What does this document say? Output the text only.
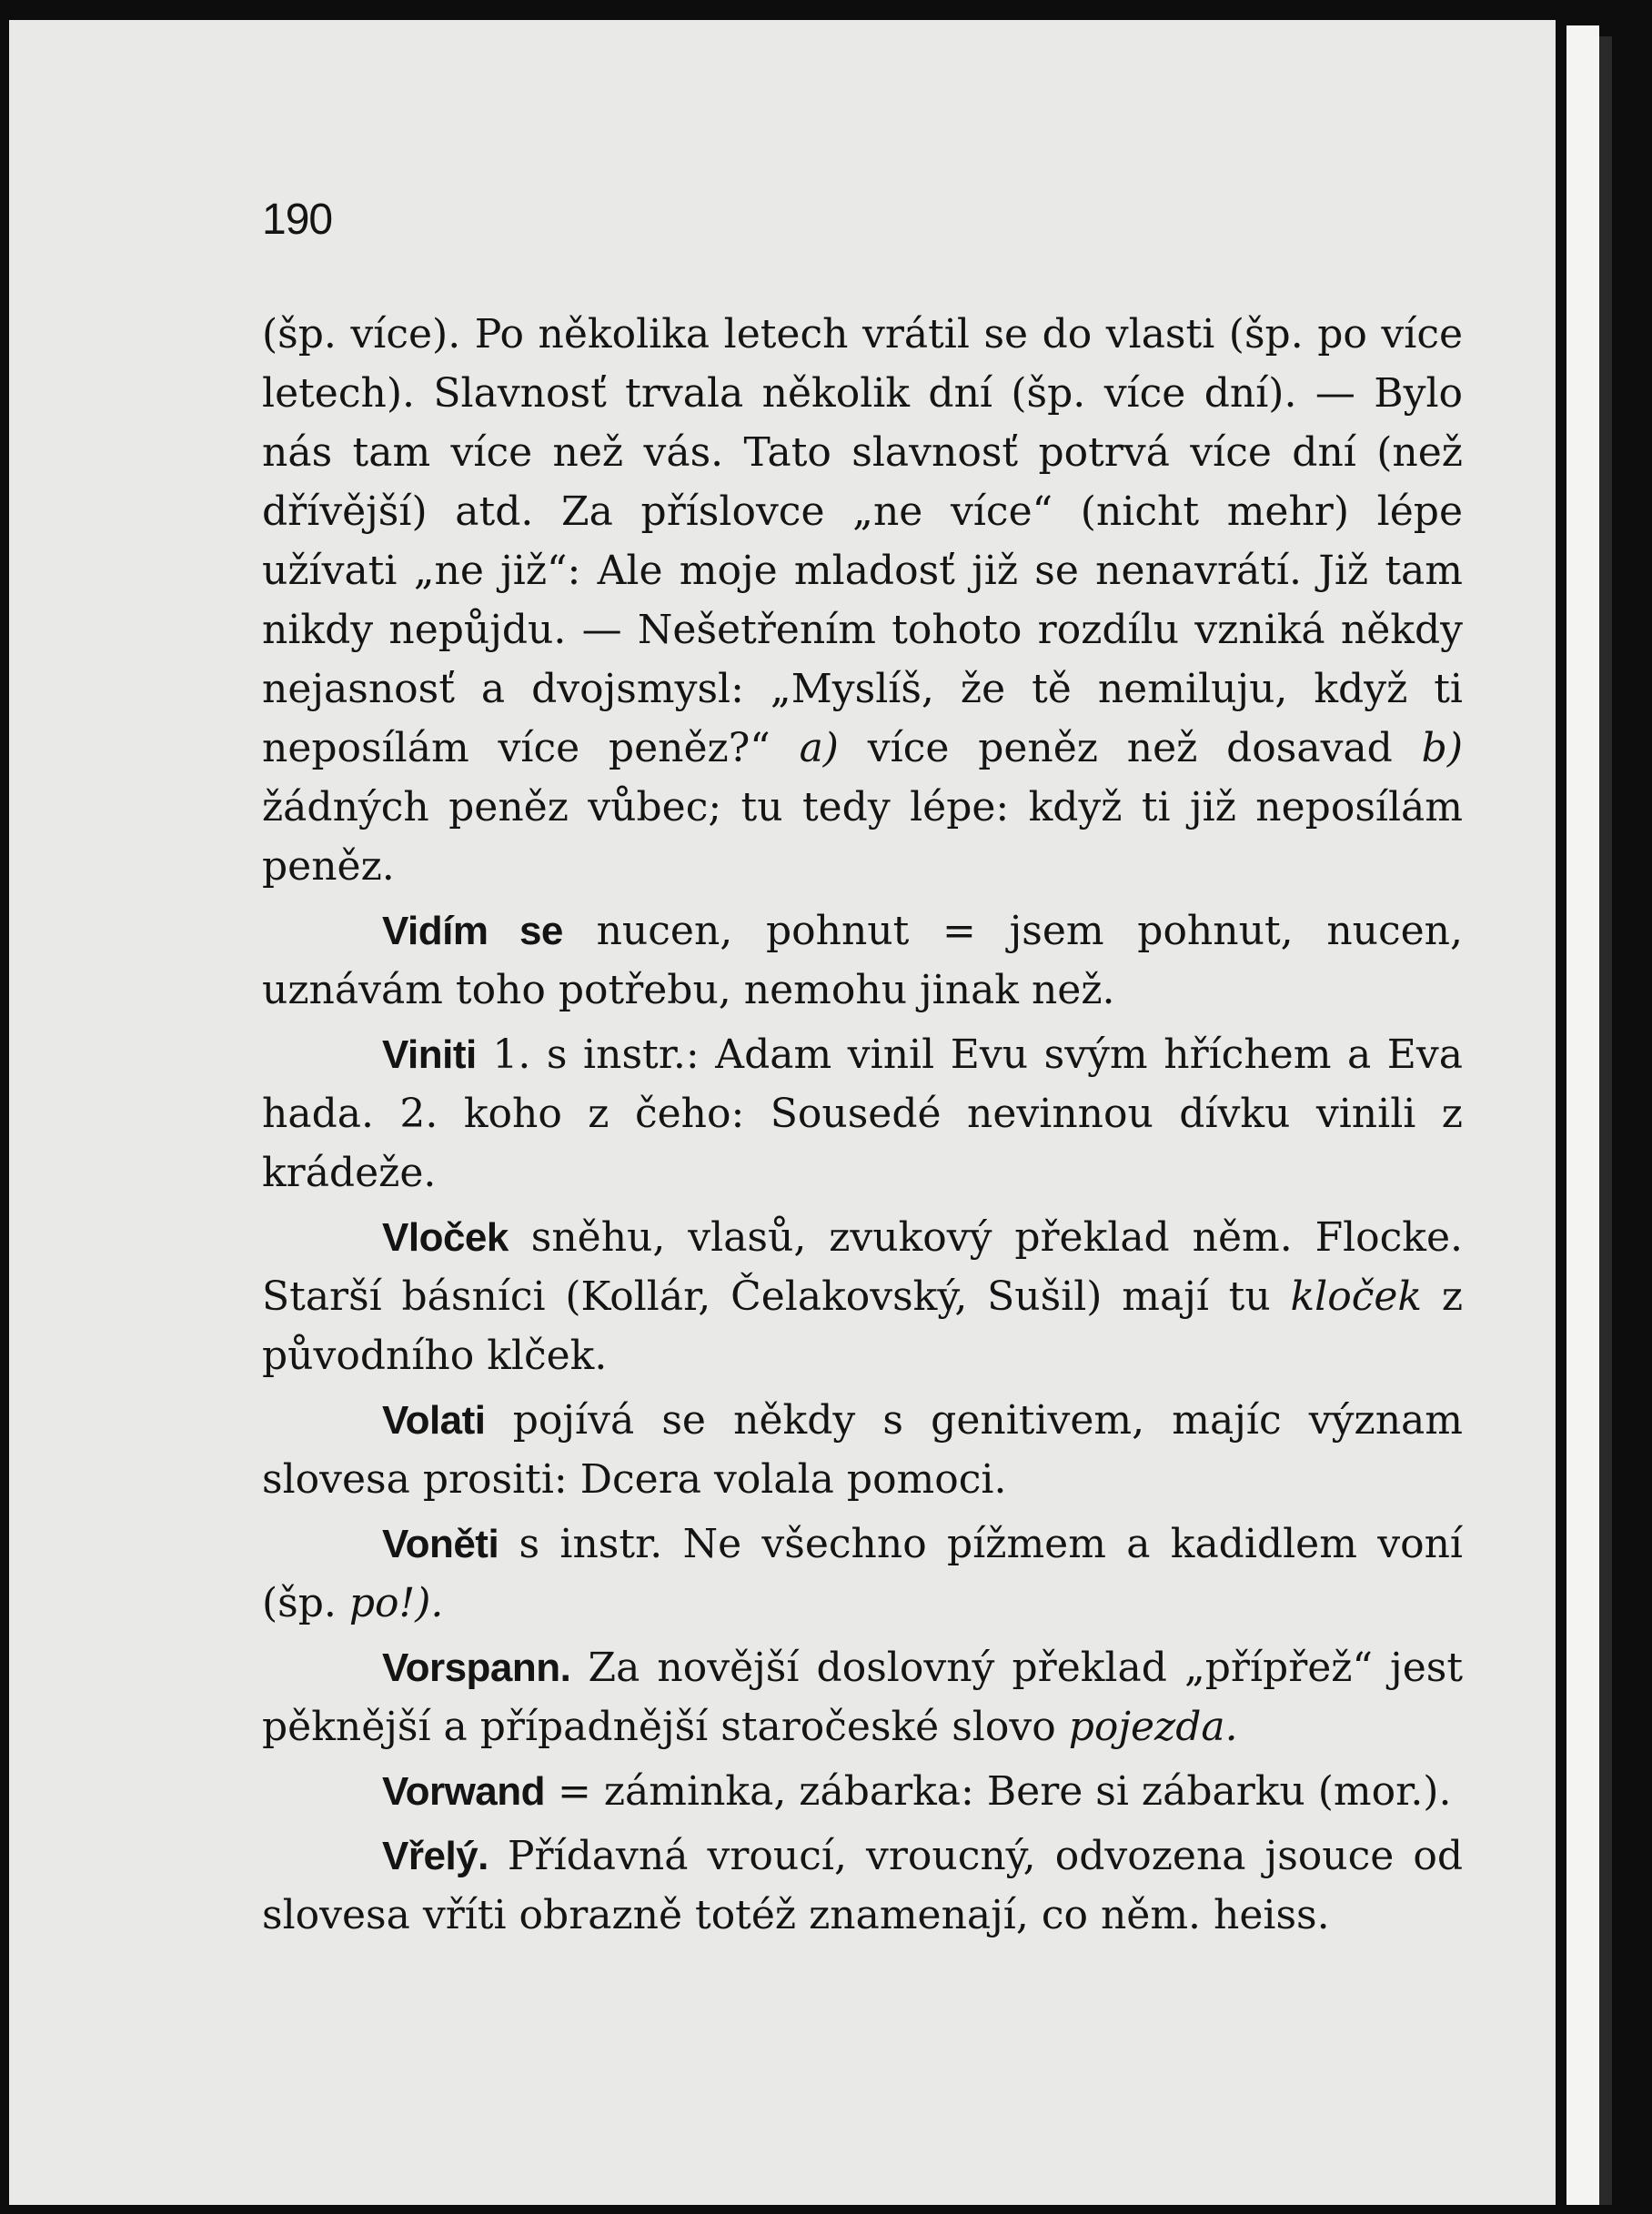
190

(šp. více). Po několika letech vrátil se do vlasti (šp. po více letech). Slavnosť trvala několik dní (šp. více dní). — Bylo nás tam více než vás. Tato slavnosť potrvá více dní (než dřívější) atd. Za příslovce „ne více“ (nicht mehr) lépe užívati „ne již“: Ale moje mladosť již se nenavrátí. Již tam nikdy nepůjdu. — Nešetřením tohoto rozdílu vzniká někdy nejasnosť a dvojsmysl: „Myslíš, že tě nemiluju, když ti neposílám více peněz?“ a) více peněz než dosavad b) žádných peněz vůbec; tu tedy lépe: když ti již neposílám peněz.

Vidím se nucen, pohnut = jsem pohnut, nucen, uznávám toho potřebu, nemohu jinak než.

Viniti 1. s instr.: Adam vinil Evu svým hříchem a Eva hada. 2. koho z čeho: Sousedé nevinnou dívku vinili z krádeže.

Vloček sněhu, vlasů, zvukový překlad něm. Flocke. Starší básníci (Kollár, Čelakovský, Sušil) mají tu kloček z původního klček.

Volati pojívá se někdy s genitivem, majíc význam slovesa prositi: Dcera volala pomoci.

Voněti s instr. Ne všechno pížmem a kadidlem voní (šp. po!).

Vorspann. Za novější doslovný překlad „přípřež“ jest pěknější a případnější staročeské slovo pojezda.

Vorwand = záminka, zábarka: Bere si zábarku (mor.).

Vřelý. Přídavná vroucí, vroucný, odvozena jsouce od slovesa vříti obrazně totéž znamenají, co něm. heiss.
